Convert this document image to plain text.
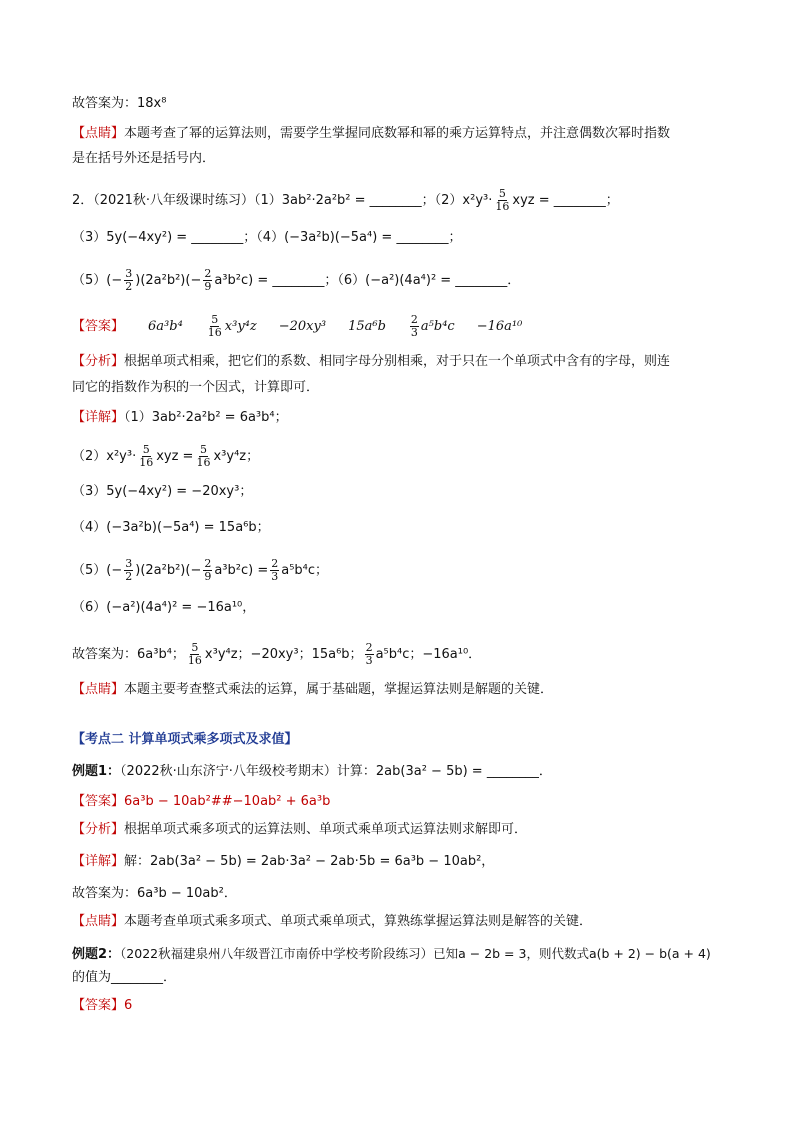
故答案为：18x⁸
【点睛】本题考查了幂的运算法则，需要学生掌握同底数幂和幂的乘方运算特点，并注意偶数次幂时指数
是在括号外还是括号内．
2．（2021秋·八年级课时练习）（1）3ab²·2a²b² = ________；$(2)x^2y^3\cdot \frac{5}{16}$ xyz = ________；
（3）5y(−4xy²) = ________；（4）(−3a²b)(−5a⁴) = ________；
$(5)(- \frac{3}{2} )(2a^2b^2)(- \frac{2}{9} a^3b^2c)$ = ________；（6）(−a²)(4a⁴)² = ________．
【答案】 $6a^3b^4 \frac{5}{16} x^3y^4z -20xy^3$ $15a^6b \frac{2}{3} a^5b^4c -16a^{10}$
【分析】根据单项式相乘，把它们的系数、相同字母分别相乘，对于只在一个单项式中含有的字母，则连
同它的指数作为积的一个因式，计算即可．
【详解】（1）3ab²·2a²b² = 6a³b⁴；
$(2)x^2y^3\cdot \frac{5}{16}$ xyz = $\frac{5}{16} x^3y^4z$；
（3）5y(−4xy²) = −20xy³；
（4）(−3a²b)(−5a⁴) = 15a⁶b；
$(5)(- \frac{3}{2} )(2a^2b^2)(- \frac{2}{9} a^3b^2c) = \frac{2}{3} a^5b^4c$；
（6）(−a²)(4a⁴)² = −16a¹⁰，
故答案为：6a³b⁴； $\frac{5}{16} x^3y^4z$；−20xy³；15a⁶b； $\frac{2}{3} a^5b^4c$；−16a¹⁰．
【点睛】本题主要考查整式乘法的运算，属于基础题，掌握运算法则是解题的关键．
【考点二 计算单项式乘多项式及求值】
例题1：（2022秋·山东济宁·八年级校考期末）计算：2ab(3a² − 5b) = ________．
【答案】6a³b − 10ab²##−10ab² + 6a³b
【分析】根据单项式乘多项式的运算法则、单项式乘单项式运算法则求解即可．
【详解】解：2ab(3a² − 5b) = 2ab·3a² − 2ab·5b = 6a³b − 10ab²，
故答案为：6a³b − 10ab²．
【点睛】本题考查单项式乘多项式、单项式乘单项式，算熟练掌握运算法则是解答的关键．
例题2：（2022秋福建泉州八年级晋江市南侨中学校考阶段练习）已知a − 2b = 3，则代数式a(b + 2) − b(a + 4)
的值为________．
【答案】6
